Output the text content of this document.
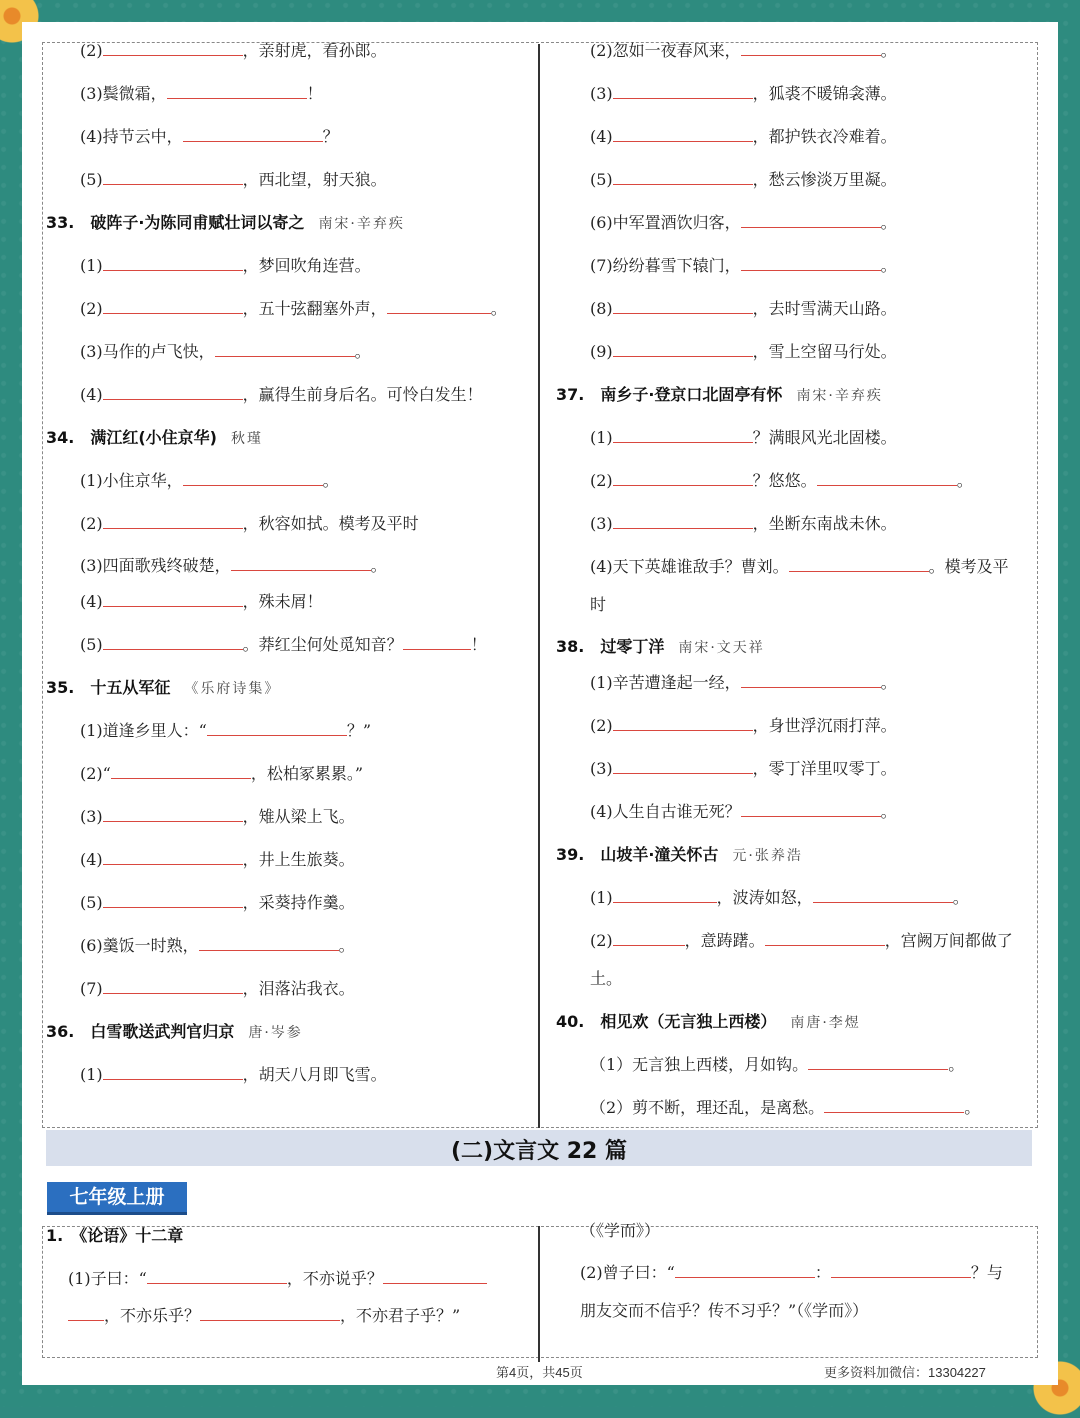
(2)	，亲射虎，看孙郎。
(3)鬓微霜，	！
(4)持节云中，	？
(5)	，西北望，射天狼。
33.　破阵子·为陈同甫赋壮词以寄之 南宋·辛弃疾
(1)	，梦回吹角连营。
(2)	，五十弦翻塞外声，	。
(3)马作的卢飞快，	。
(4)	，赢得生前身后名。可怜白发生！
34.　满江红(小住京华) 秋瑾
(1)小住京华，	。
(2)	，秋容如拭。模考及平时
(3)四面歌残终破楚，	。
(4)	，殊未屑！
(5)	。莽红尘何处觅知音？	！
35.　十五从军征 《乐府诗集》
(1)道逢乡里人：“	？”
(2)“	，松柏冢累累。”
(3)	，雉从梁上飞。
(4)	，井上生旅葵。
(5)	，采葵持作羹。
(6)羹饭一时熟，	。
(7)	，泪落沾我衣。
36.　白雪歌送武判官归京 唐·岑参
(1)	，胡天八月即飞雪。
(2)忽如一夜春风来，	。
(3)	，狐裘不暖锦衾薄。
(4)	，都护铁衣冷难着。
(5)	，愁云惨淡万里凝。
(6)中军置酒饮归客，	。
(7)纷纷暮雪下辕门，	。
(8)	，去时雪满天山路。
(9)	，雪上空留马行处。
37.　南乡子·登京口北固亭有怀 南宋·辛弃疾
(1)	？满眼风光北固楼。
(2)	？悠悠。	。
(3)	，坐断东南战未休。
(4)天下英雄谁敌手？曹刘。	。模考及平
时
38.　过零丁洋 南宋·文天祥
(1)辛苦遭逢起一经，	。
(2)	，身世浮沉雨打萍。
(3)	，零丁洋里叹零丁。
(4)人生自古谁无死？	。
39.　山坡羊·潼关怀古 元·张养浩
(1)	，波涛如怒，	。
(2)	，意踌躇。	，宫阙万间都做了
土。
40.　相见欢（无言独上西楼） 南唐·李煜
（1）无言独上西楼，月如钩。	。
（2）剪不断，理还乱，是离愁。	。
(二)文言文 22 篇
七年级上册
1.　《论语》十二章
(1)子曰：“	，不亦说乎？
，不亦乐乎？	，不亦君子乎？”
（《学而》）
(2)曾子曰：“	：	？与
朋友交而不信乎？传不习乎？”（《学而》）
第4页，共45页	更多资料加微信：13304227
